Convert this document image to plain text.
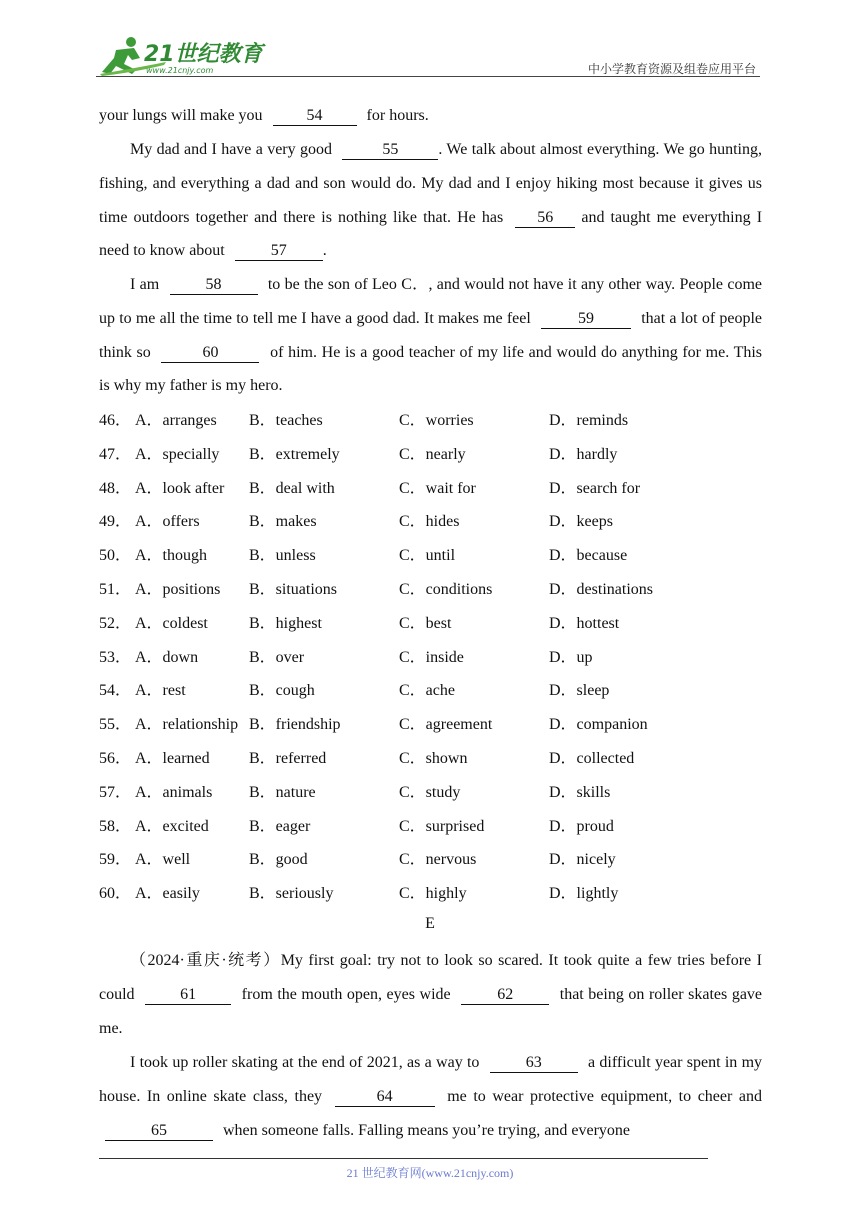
21世纪教育
www.21cnjy.com	中小学教育资源及组卷应用平台

your lungs will make you	54	for hours.

My dad and I have a very good	55	. We talk about almost everything. We go hunting, fishing, and everything a dad and son would do. My dad and I enjoy hiking most because it gives us time outdoors together and there is nothing like that. He has 56 and taught me everything I need to know about	57 .

I am	58	to be the son of Leo C．, and would not have it any other way. People come up to me all the time to tell me I have a good dad. It makes me feel	59	that a lot of people think so	60	of him. He is a good teacher of my life and would do anything for me. This is why my father is my hero.

46． A．arranges B．teaches	C．worries	D．reminds
47． A．specially B．extremely	C．nearly	D．hardly
48． A．look after B．deal with	C．wait for	D．search for
49． A．offers	B．makes	C．hides	D．keeps
50． A．though	B．unless	C．until	D．because
51． A．positions B．situations	C．conditions	D．destinations
52． A．coldest	B．highest	C．best	D．hottest
53． A．down	B．over	C．inside	D．up
54． A．rest	B．cough	C．ache	D．sleep
55． A．relationship B．friendship	C．agreement	D．companion
56． A．learned B．referred	C．shown	D．collected
57． A．animals B．nature	C．study	D．skills
58． A．excited	B．eager	C．surprised	D．proud
59． A．well	B．good	C．nervous	D．nicely
60． A．easily	B．seriously	C．highly	D．lightly
E

（2024·重庆·统考）My first goal: try not to look so scared. It took quite a few tries before I could	61	from the mouth open, eyes wide	62	that being on roller skates gave me.

I took up roller skating at the end of 2021, as a way to	63	a difficult year spent in my house. In online skate class, they	64	me to wear protective equipment, to cheer and 65	when someone falls. Falling means you’re trying, and everyone

21 世纪教育网(www.21cnjy.com)
